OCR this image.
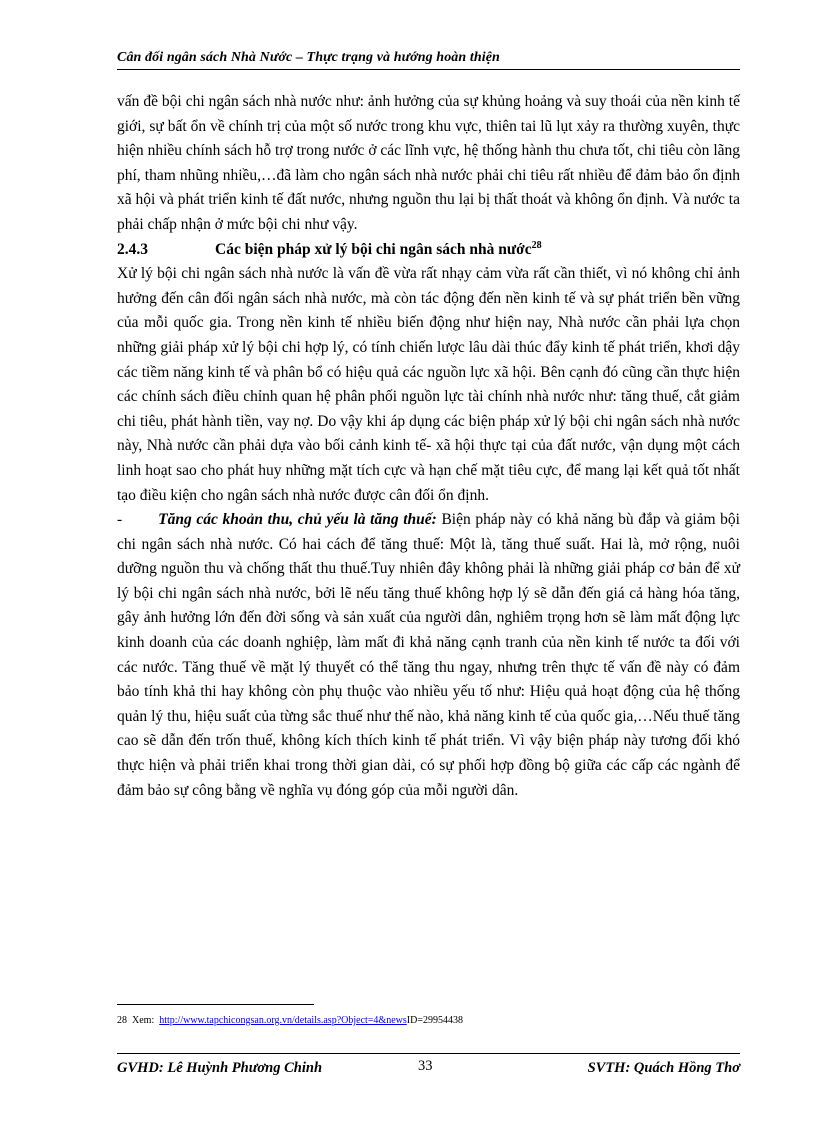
Cân đối ngân sách Nhà Nước – Thực trạng và hướng hoàn thiện

vấn đề bội chi ngân sách nhà nước như: ảnh hưởng của sự khủng hoảng và suy thoái của nền kinh tế giới, sự bất ổn về chính trị của một số nước trong khu vực, thiên tai lũ lụt xảy ra thường xuyên, thực hiện nhiều chính sách hỗ trợ trong nước ở các lĩnh vực, hệ thống hành thu chưa tốt, chi tiêu còn lãng phí, tham nhũng nhiều,…đã làm cho ngân sách nhà nước phải chi tiêu rất nhiều để đảm bảo ổn định xã hội và phát triển kinh tế đất nước, nhưng nguồn thu lại bị thất thoát và không ổn định. Và nước ta phải chấp nhận ở mức bội chi như vậy.

2.4.3	Các biện pháp xử lý bội chi ngân sách nhà nước$^{28}$

Xử lý bội chi ngân sách nhà nước là vấn đề vừa rất nhạy cảm vừa rất cần thiết, vì nó không chỉ ảnh hưởng đến cân đối ngân sách nhà nước, mà còn tác động đến nền kinh tế và sự phát triển bền vững của mỗi quốc gia. Trong nền kinh tế nhiều biến động như hiện nay, Nhà nước cần phải lựa chọn những giải pháp xử lý bội chi hợp lý, có tính chiến lược lâu dài thúc đẩy kinh tế phát triển, khơi dậy các tiềm năng kinh tế và phân bổ có hiệu quả các nguồn lực xã hội. Bên cạnh đó cũng cần thực hiện các chính sách điều chỉnh quan hệ phân phối nguồn lực tài chính nhà nước như: tăng thuế, cắt giảm chi tiêu, phát hành tiền, vay nợ. Do vậy khi áp dụng các biện pháp xử lý bội chi ngân sách nhà nước này, Nhà nước cần phải dựa vào bối cảnh kinh tế- xã hội thực tại của đất nước, vận dụng một cách linh hoạt sao cho phát huy những mặt tích cực và hạn chế mặt tiêu cực, để mang lại kết quả tốt nhất tạo điều kiện cho ngân sách nhà nước được cân đối ổn định.

- Tăng các khoản thu, chủ yếu là tăng thuế: Biện pháp này có khả năng bù đắp và giảm bội chi ngân sách nhà nước. Có hai cách để tăng thuế: Một là, tăng thuế suất. Hai là, mở rộng, nuôi dưỡng nguồn thu và chống thất thu thuế.Tuy nhiên đây không phải là những giải pháp cơ bản để xử lý bội chi ngân sách nhà nước, bởi lẽ nếu tăng thuế không hợp lý sẽ dẫn đến giá cả hàng hóa tăng, gây ảnh hưởng lớn đến đời sống và sản xuất của người dân, nghiêm trọng hơn sẽ làm mất động lực kinh doanh của các doanh nghiệp, làm mất đi khả năng cạnh tranh của nền kinh tế nước ta đối với các nước. Tăng thuế về mặt lý thuyết có thể tăng thu ngay, nhưng trên thực tế vấn đề này có đảm bảo tính khả thi hay không còn phụ thuộc vào nhiều yếu tố như: Hiệu quả hoạt động của hệ thống quản lý thu, hiệu suất của từng sắc thuế như thế nào, khả năng kinh tế của quốc gia,…Nếu thuế tăng cao sẽ dẫn đến trốn thuế, không kích thích kinh tế phát triển. Vì vậy biện pháp này tương đối khó thực hiện và phải triển khai trong thời gian dài, có sự phối hợp đồng bộ giữa các cấp các ngành để đảm bảo sự công bằng về nghĩa vụ đóng góp của mỗi người dân.

28 Xem: http://www.tapchicongsan.org.vn/details.asp?Object=4&newsID=29954438
GVHD: Lê Huỳnh Phương Chinh	33	SVTH: Quách Hồng Thơ
